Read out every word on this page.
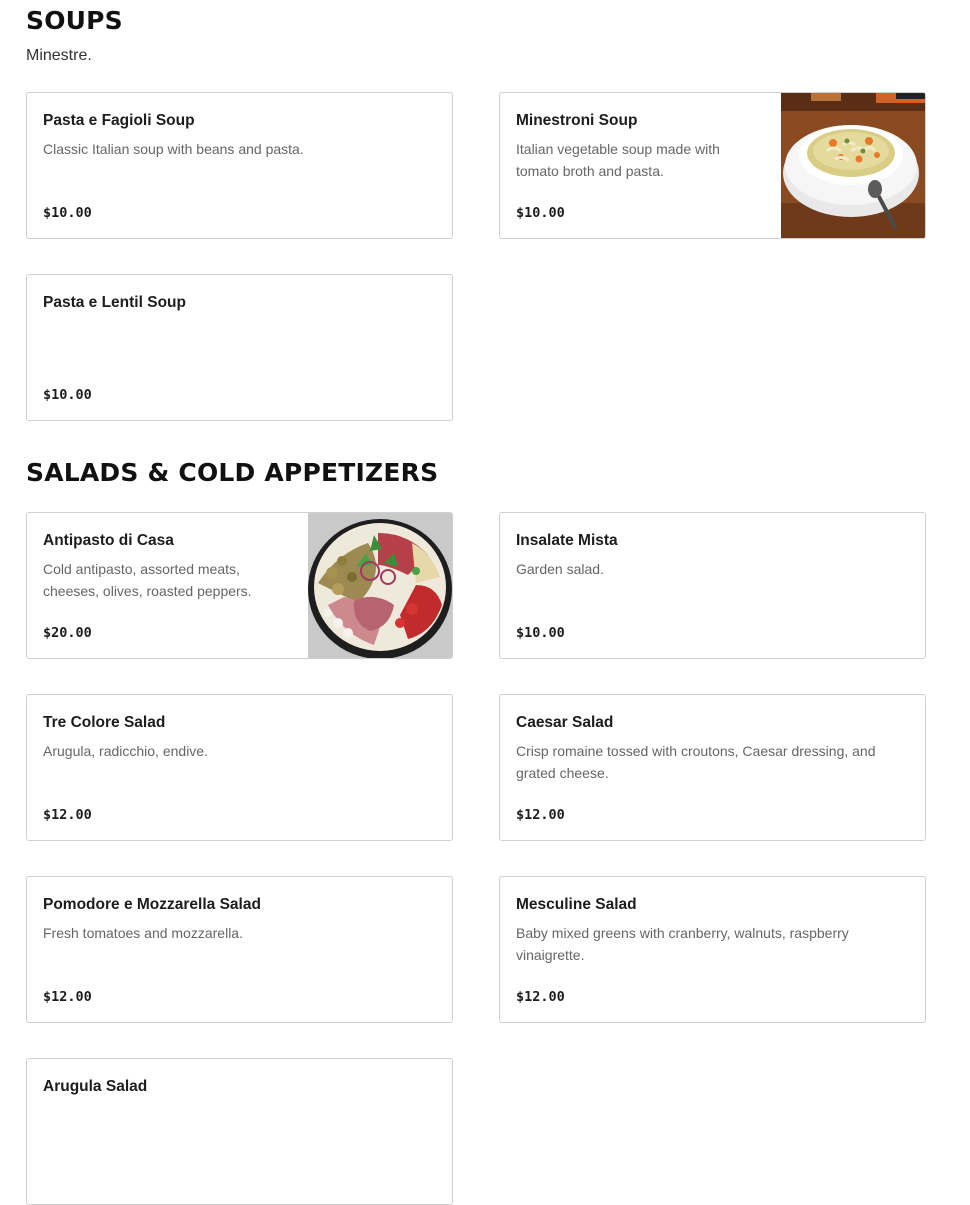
SOUPS

Minestre.

Pasta e Fagioli Soup
Classic Italian soup with beans and pasta.
$10.00
Minestroni Soup
Italian vegetable soup made with tomato broth and pasta.
$10.00
Pasta e Lentil Soup
$10.00
SALADS & COLD APPETIZERS
Antipasto di Casa
Cold antipasto, assorted meats, cheeses, olives, roasted peppers.
$20.00
Insalate Mista
Garden salad.
$10.00
Tre Colore Salad
Arugula, radicchio, endive.
$12.00
Caesar Salad
Crisp romaine tossed with croutons, Caesar dressing, and grated cheese.
$12.00
Pomodore e Mozzarella Salad
Fresh tomatoes and mozzarella.
$12.00
Mesculine Salad
Baby mixed greens with cranberry, walnuts, raspberry vinaigrette.
$12.00
Arugula Salad
